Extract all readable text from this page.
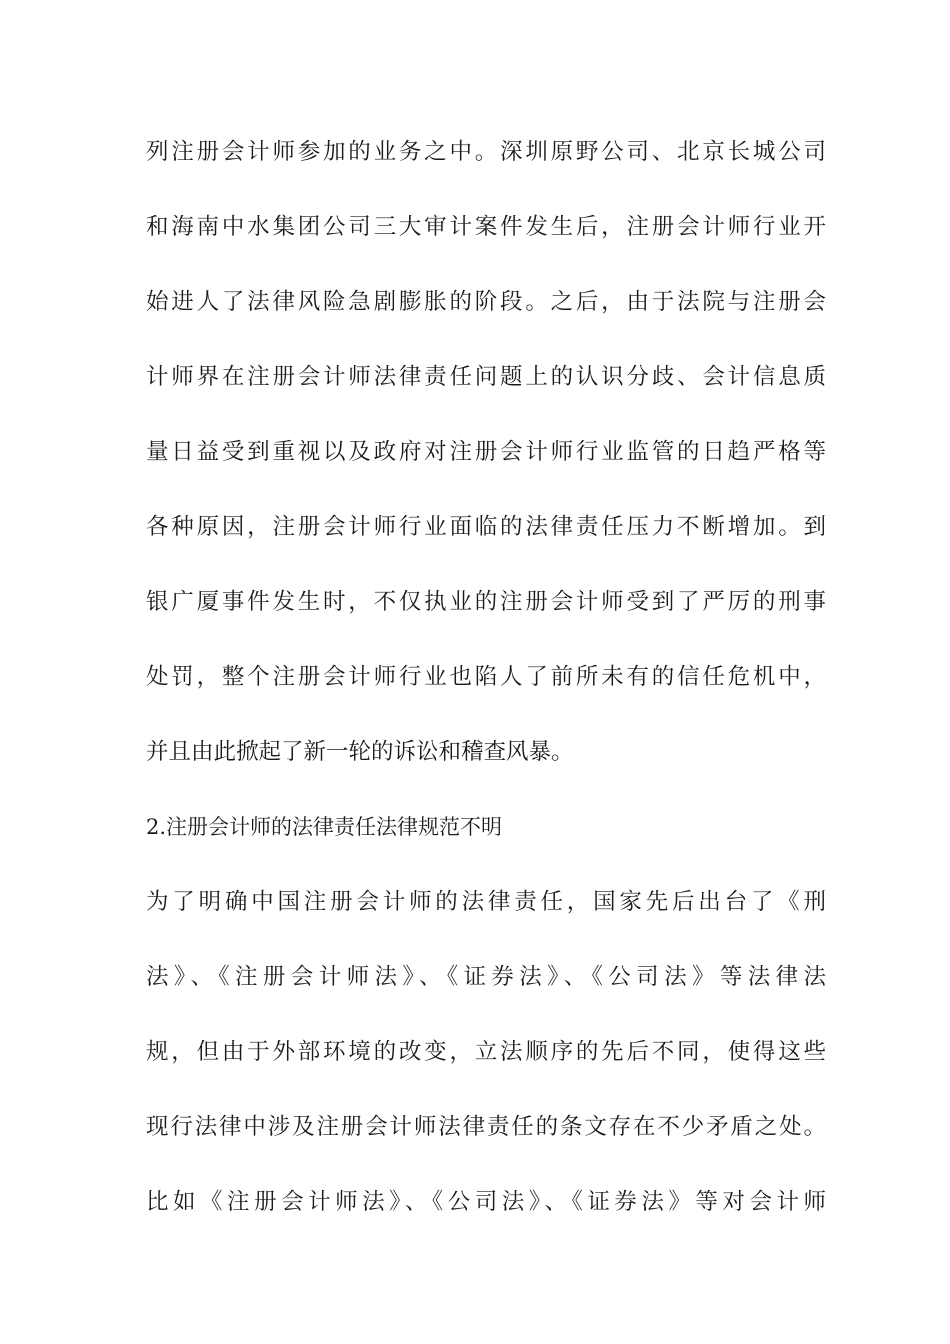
列注册会计师参加的业务之中。深圳原野公司、北京长城公司
和海南中水集团公司三大审计案件发生后，注册会计师行业开
始进人了法律风险急剧膨胀的阶段。之后，由于法院与注册会
计师界在注册会计师法律责任问题上的认识分歧、会计信息质
量日益受到重视以及政府对注册会计师行业监管的日趋严格等
各种原因，注册会计师行业面临的法律责任压力不断增加。到
银广厦事件发生时，不仅执业的注册会计师受到了严厉的刑事
处罚，整个注册会计师行业也陷人了前所未有的信任危机中，
并且由此掀起了新一轮的诉讼和稽查风暴。
2.注册会计师的法律责任法律规范不明
为了明确中国注册会计师的法律责任，国家先后出台了《刑
法》、《注册会计师法》、《证券法》、《公司法》等法律法
规，但由于外部环境的改变，立法顺序的先后不同，使得这些
现行法律中涉及注册会计师法律责任的条文存在不少矛盾之处。
比如《注册会计师法》、《公司法》、《证券法》等对会计师
